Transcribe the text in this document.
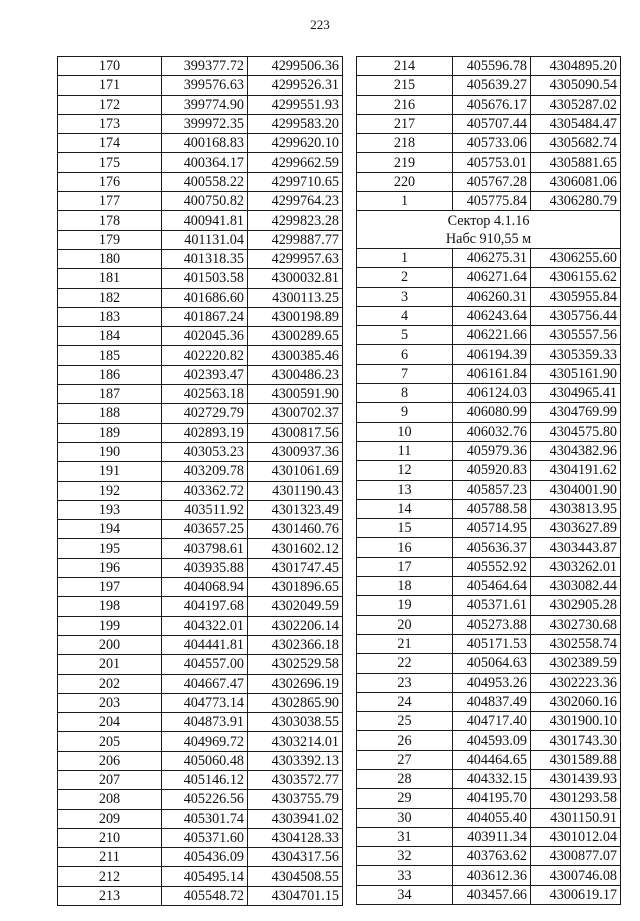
223
170	399377.72	4299506.36
171	399576.63	4299526.31
172	399774.90	4299551.93
173	399972.35	4299583.20
174	400168.83	4299620.10
175	400364.17	4299662.59
176	400558.22	4299710.65
177	400750.82	4299764.23
178	400941.81	4299823.28
179	401131.04	4299887.77
180	401318.35	4299957.63
181	401503.58	4300032.81
182	401686.60	4300113.25
183	401867.24	4300198.89
184	402045.36	4300289.65
185	402220.82	4300385.46
186	402393.47	4300486.23
187	402563.18	4300591.90
188	402729.79	4300702.37
189	402893.19	4300817.56
190	403053.23	4300937.36
191	403209.78	4301061.69
192	403362.72	4301190.43
193	403511.92	4301323.49
194	403657.25	4301460.76
195	403798.61	4301602.12
196	403935.88	4301747.45
197	404068.94	4301896.65
198	404197.68	4302049.59
199	404322.01	4302206.14
200	404441.81	4302366.18
201	404557.00	4302529.58
202	404667.47	4302696.19
203	404773.14	4302865.90
204	404873.91	4303038.55
205	404969.72	4303214.01
206	405060.48	4303392.13
207	405146.12	4303572.77
208	405226.56	4303755.79
209	405301.74	4303941.02
210	405371.60	4304128.33
211	405436.09	4304317.56
212	405495.14	4304508.55
213	405548.72	4304701.15
214	405596.78	4304895.20
215	405639.27	4305090.54
216	405676.17	4305287.02
217	405707.44	4305484.47
218	405733.06	4305682.74
219	405753.01	4305881.65
220	405767.28	4306081.06
1	405775.84	4306280.79
Сектор 4.1.16		
Набс 910,55 м		
1	406275.31	4306255.60
2	406271.64	4306155.62
3	406260.31	4305955.84
4	406243.64	4305756.44
5	406221.66	4305557.56
6	406194.39	4305359.33
7	406161.84	4305161.90
8	406124.03	4304965.41
9	406080.99	4304769.99
10	406032.76	4304575.80
11	405979.36	4304382.96
12	405920.83	4304191.62
13	405857.23	4304001.90
14	405788.58	4303813.95
15	405714.95	4303627.89
16	405636.37	4303443.87
17	405552.92	4303262.01
18	405464.64	4303082.44
19	405371.61	4302905.28
20	405273.88	4302730.68
21	405171.53	4302558.74
22	405064.63	4302389.59
23	404953.26	4302223.36
24	404837.49	4302060.16
25	404717.40	4301900.10
26	404593.09	4301743.30
27	404464.65	4301589.88
28	404332.15	4301439.93
29	404195.70	4301293.58
30	404055.40	4301150.91
31	403911.34	4301012.04
32	403763.62	4300877.07
33	403612.36	4300746.08
34	403457.66	4300619.17
